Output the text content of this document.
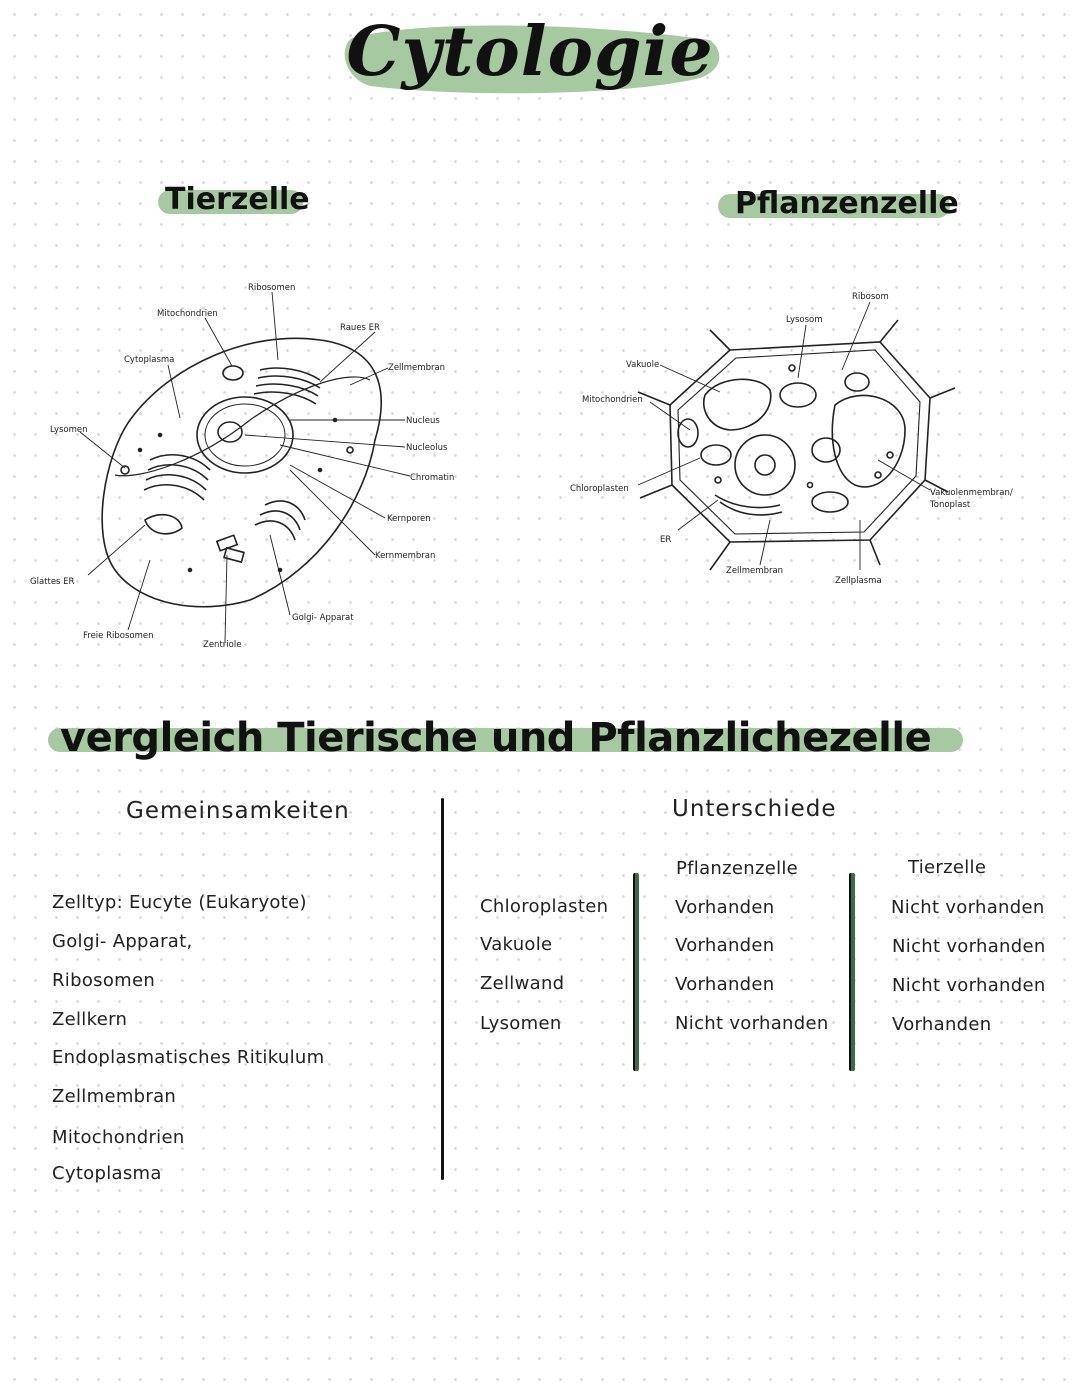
Cytologie
Tierzelle	Pflanzenzelle
Ribosomen
Mitochondrien
Raues ER
Cytoplasma
Zellmembran
Lysomen
Nucleus
Nucleolus
Chromatin
Kernporen
Kernmembran
Glattes ER
Golgi- Apparat
Freie Ribosomen
Zentriole
Ribosom
Lysosom
Vakuole
Mitochondrien
Chloroplasten
ER
Zellmembran
Zellplasma
Vakuolenmembran/
Tonoplast
vergleich Tierische und Pflanzlichezelle
Gemeinsamkeiten
Zelltyp: Eucyte (Eukaryote)
Golgi- Apparat,
Ribosomen
Zellkern
Endoplasmatisches Ritikulum
Zellmembran
Mitochondrien
Cytoplasma
Unterschiede
Pflanzenzelle	Tierzelle
Chloroplasten	Vorhanden	Nicht vorhanden
Vakuole	Vorhanden	Nicht vorhanden
Zellwand	Vorhanden	Nicht vorhanden
Lysomen	Nicht vorhanden	Vorhanden
